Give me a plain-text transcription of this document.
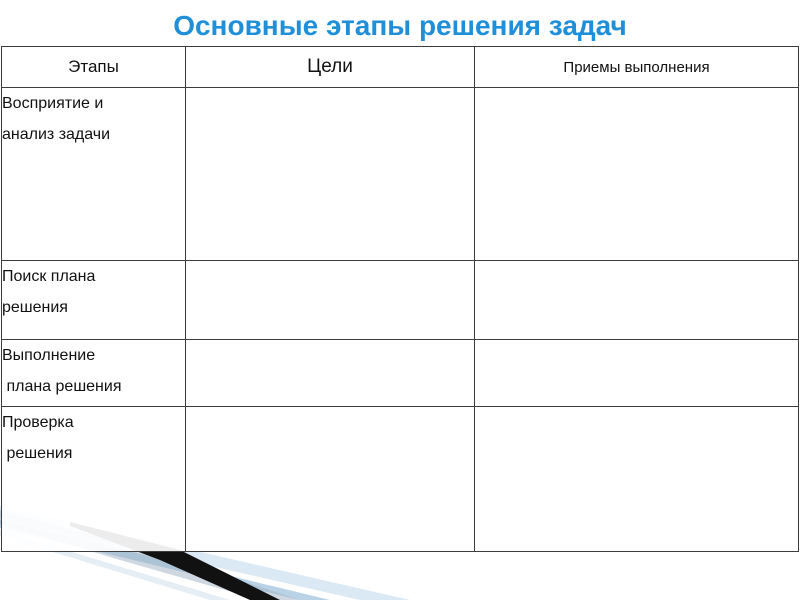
Основные этапы решения задач
Этапы	Цели	Приемы выполнения

Восприятие и
анализ задачи		

Поиск плана
решения		

Выполнение
плана решения		

Проверка
решения		
